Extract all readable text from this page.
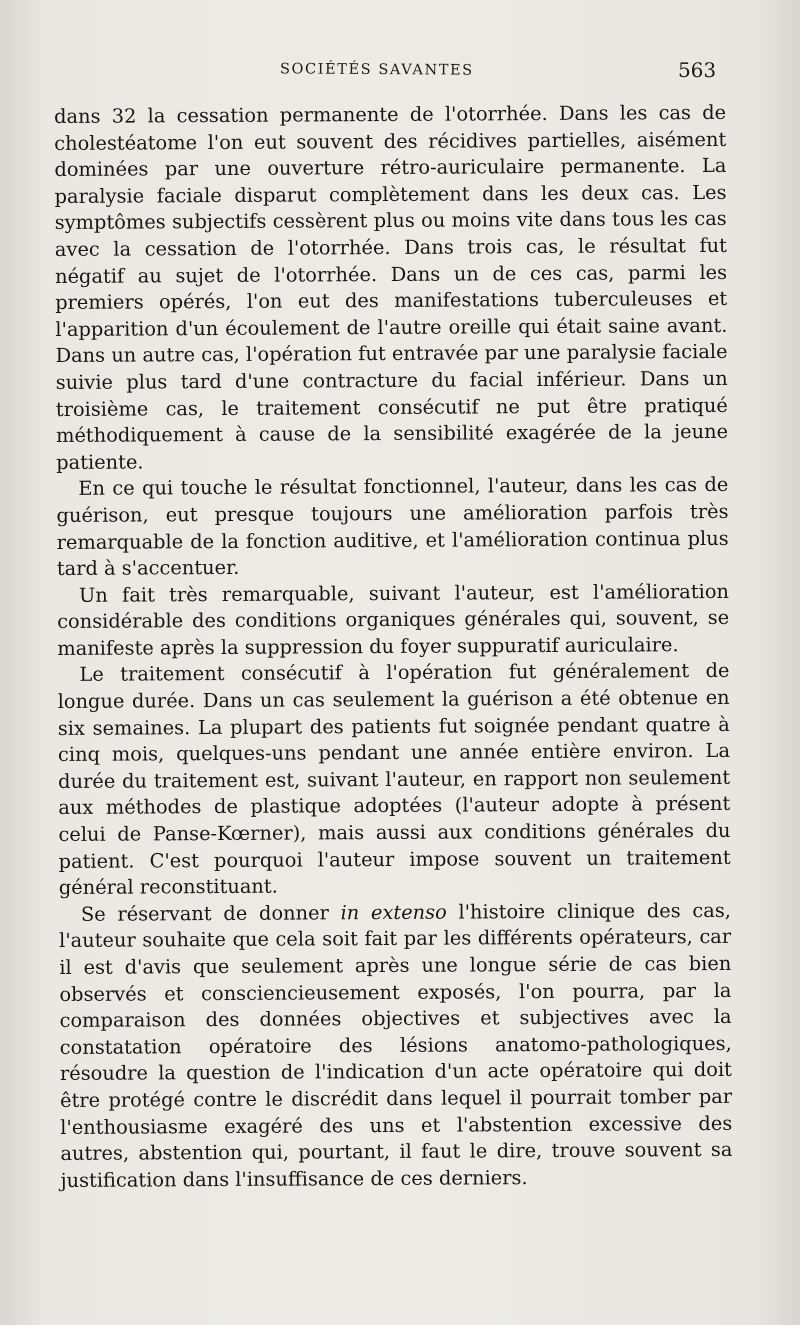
SOCIÉTÉS SAVANTES	563

dans 32 la cessation permanente de l'otorrhée. Dans les cas de cholestéatome l'on eut souvent des récidives partielles, aisément dominées par une ouverture rétro-auriculaire permanente. La paralysie faciale disparut complètement dans les deux cas. Les symptômes subjectifs cessèrent plus ou moins vite dans tous les cas avec la cessation de l'otorrhée. Dans trois cas, le résultat fut négatif au sujet de l'otorrhée. Dans un de ces cas, parmi les premiers opérés, l'on eut des manifestations tuberculeuses et l'apparition d'un écoulement de l'autre oreille qui était saine avant. Dans un autre cas, l'opération fut entravée par une paralysie faciale suivie plus tard d'une contracture du facial inférieur. Dans un troisième cas, le traitement consécutif ne put être pratiqué méthodiquement à cause de la sensibilité exagérée de la jeune patiente.

En ce qui touche le résultat fonctionnel, l'auteur, dans les cas de guérison, eut presque toujours une amélioration parfois très remarquable de la fonction auditive, et l'amélioration continua plus tard à s'accentuer.

Un fait très remarquable, suivant l'auteur, est l'amélioration considérable des conditions organiques générales qui, souvent, se manifeste après la suppression du foyer suppuratif auriculaire.

Le traitement consécutif à l'opération fut généralement de longue durée. Dans un cas seulement la guérison a été obtenue en six semaines. La plupart des patients fut soignée pendant quatre à cinq mois, quelques-uns pendant une année entière environ. La durée du traitement est, suivant l'auteur, en rapport non seulement aux méthodes de plastique adoptées (l'auteur adopte à présent celui de Panse-Kœrner), mais aussi aux conditions générales du patient. C'est pourquoi l'auteur impose souvent un traitement général reconstituant.

Se réservant de donner in extenso l'histoire clinique des cas, l'auteur souhaite que cela soit fait par les différents opérateurs, car il est d'avis que seulement après une longue série de cas bien observés et consciencieusement exposés, l'on pourra, par la comparaison des données objectives et subjectives avec la constatation opératoire des lésions anatomo-pathologiques, résoudre la question de l'indication d'un acte opératoire qui doit être protégé contre le discrédit dans lequel il pourrait tomber par l'enthousiasme exagéré des uns et l'abstention excessive des autres, abstention qui, pourtant, il faut le dire, trouve souvent sa justification dans l'insuffisance de ces derniers.
